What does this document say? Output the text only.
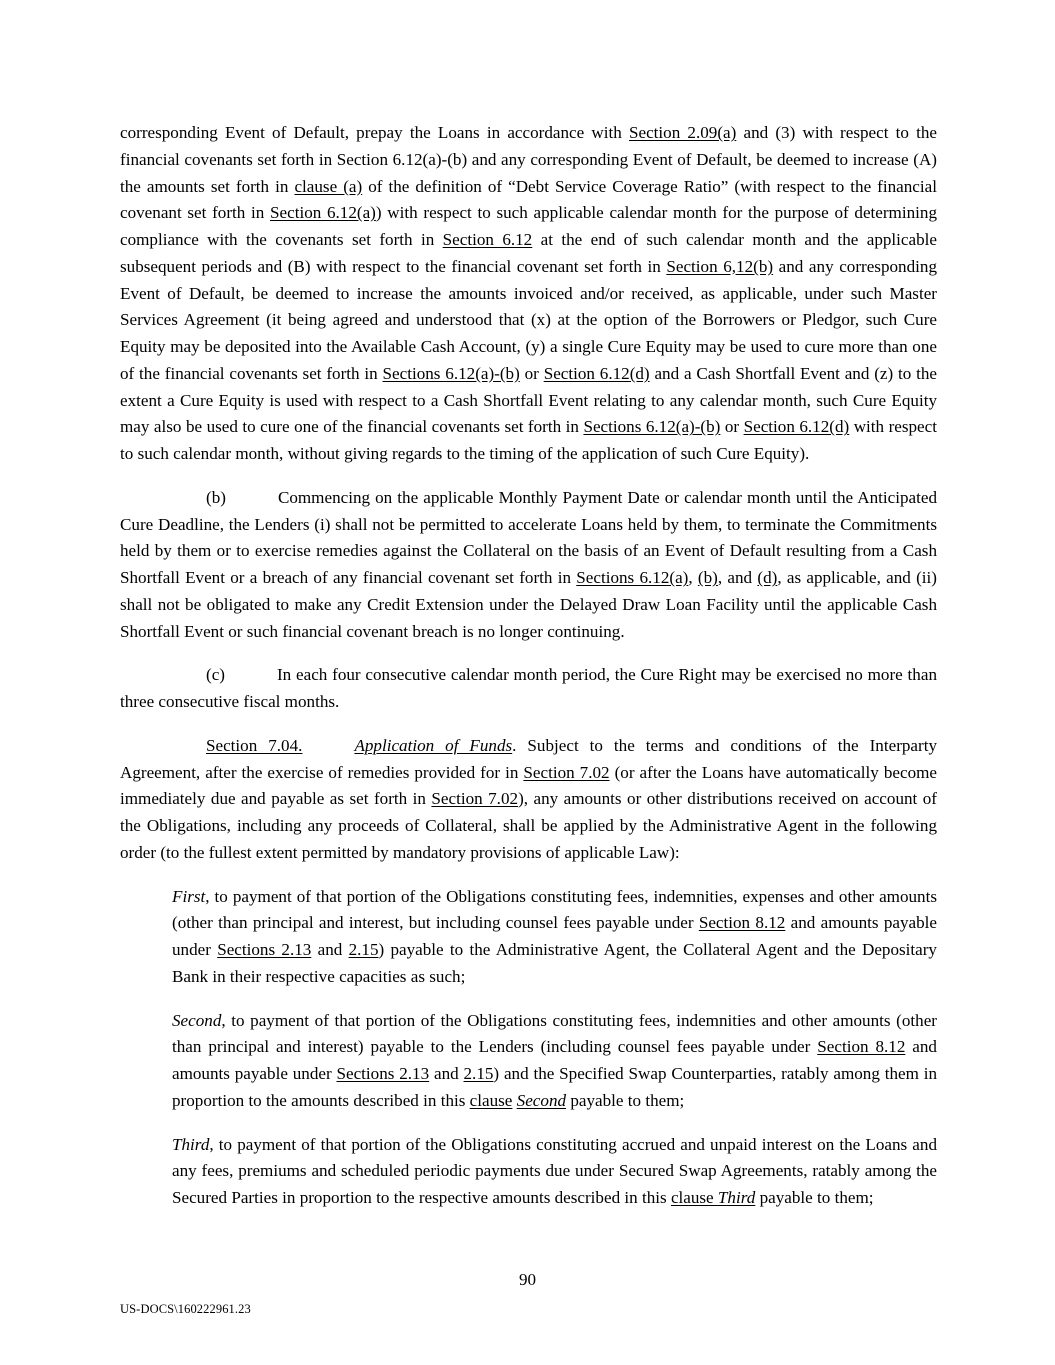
corresponding Event of Default, prepay the Loans in accordance with Section 2.09(a) and (3) with respect to the financial covenants set forth in Section 6.12(a)-(b) and any corresponding Event of Default, be deemed to increase (A) the amounts set forth in clause (a) of the definition of “Debt Service Coverage Ratio” (with respect to the financial covenant set forth in Section 6.12(a)) with respect to such applicable calendar month for the purpose of determining compliance with the covenants set forth in Section 6.12 at the end of such calendar month and the applicable subsequent periods and (B) with respect to the financial covenant set forth in Section 6,12(b) and any corresponding Event of Default, be deemed to increase the amounts invoiced and/or received, as applicable, under such Master Services Agreement (it being agreed and understood that (x) at the option of the Borrowers or Pledgor, such Cure Equity may be deposited into the Available Cash Account, (y) a single Cure Equity may be used to cure more than one of the financial covenants set forth in Sections 6.12(a)-(b) or Section 6.12(d) and a Cash Shortfall Event and (z) to the extent a Cure Equity is used with respect to a Cash Shortfall Event relating to any calendar month, such Cure Equity may also be used to cure one of the financial covenants set forth in Sections 6.12(a)-(b) or Section 6.12(d) with respect to such calendar month, without giving regards to the timing of the application of such Cure Equity).

(b)	Commencing on the applicable Monthly Payment Date or calendar month until the Anticipated Cure Deadline, the Lenders (i) shall not be permitted to accelerate Loans held by them, to terminate the Commitments held by them or to exercise remedies against the Collateral on the basis of an Event of Default resulting from a Cash Shortfall Event or a breach of any financial covenant set forth in Sections 6.12(a), (b), and (d), as applicable, and (ii) shall not be obligated to make any Credit Extension under the Delayed Draw Loan Facility until the applicable Cash Shortfall Event or such financial covenant breach is no longer continuing.

(c)	In each four consecutive calendar month period, the Cure Right may be exercised no more than three consecutive fiscal months.

Section 7.04.	Application of Funds. Subject to the terms and conditions of the Interparty Agreement, after the exercise of remedies provided for in Section 7.02 (or after the Loans have automatically become immediately due and payable as set forth in Section 7.02), any amounts or other distributions received on account of the Obligations, including any proceeds of Collateral, shall be applied by the Administrative Agent in the following order (to the fullest extent permitted by mandatory provisions of applicable Law):

First, to payment of that portion of the Obligations constituting fees, indemnities, expenses and other amounts (other than principal and interest, but including counsel fees payable under Section 8.12 and amounts payable under Sections 2.13 and 2.15) payable to the Administrative Agent, the Collateral Agent and the Depositary Bank in their respective capacities as such;

Second, to payment of that portion of the Obligations constituting fees, indemnities and other amounts (other than principal and interest) payable to the Lenders (including counsel fees payable under Section 8.12 and amounts payable under Sections 2.13 and 2.15) and the Specified Swap Counterparties, ratably among them in proportion to the amounts described in this clause Second payable to them;

Third, to payment of that portion of the Obligations constituting accrued and unpaid interest on the Loans and any fees, premiums and scheduled periodic payments due under Secured Swap Agreements, ratably among the Secured Parties in proportion to the respective amounts described in this clause Third payable to them;

90
US-DOCS\160222961.23
